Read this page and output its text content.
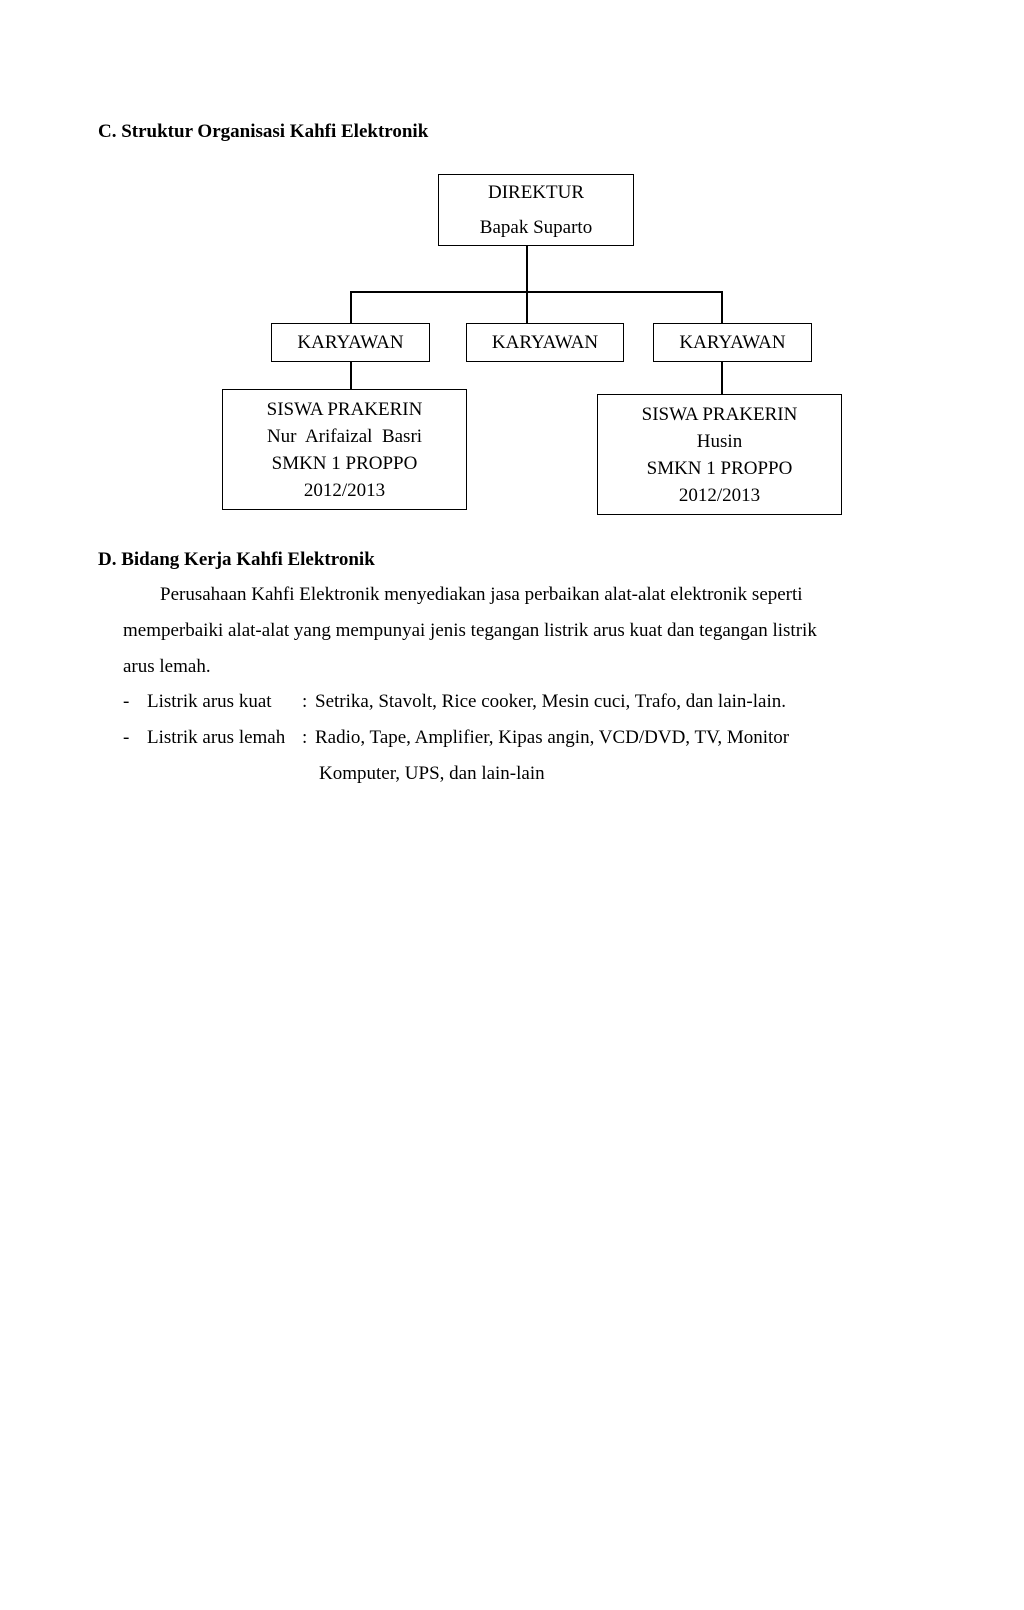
C. Struktur Organisasi Kahfi Elektronik
DIREKTUR
Bapak Suparto
KARYAWAN	KARYAWAN	KARYAWAN
SISWA PRAKERIN
Nur  Arifaizal  Basri
SMKN 1 PROPPO
2012/2013
SISWA PRAKERIN
Husin
SMKN 1 PROPPO
2012/2013
D. Bidang Kerja Kahfi Elektronik

Perusahaan Kahfi Elektronik menyediakan jasa perbaikan alat-alat elektronik seperti

memperbaiki alat-alat yang mempunyai jenis tegangan listrik arus kuat dan tegangan listrik

arus lemah.

- Listrik arus kuat : Setrika, Stavolt, Rice cooker, Mesin cuci, Trafo, dan lain-lain.
- Listrik arus lemah : Radio, Tape, Amplifier, Kipas angin, VCD/DVD, TV, Monitor
Komputer, UPS, dan lain-lain
